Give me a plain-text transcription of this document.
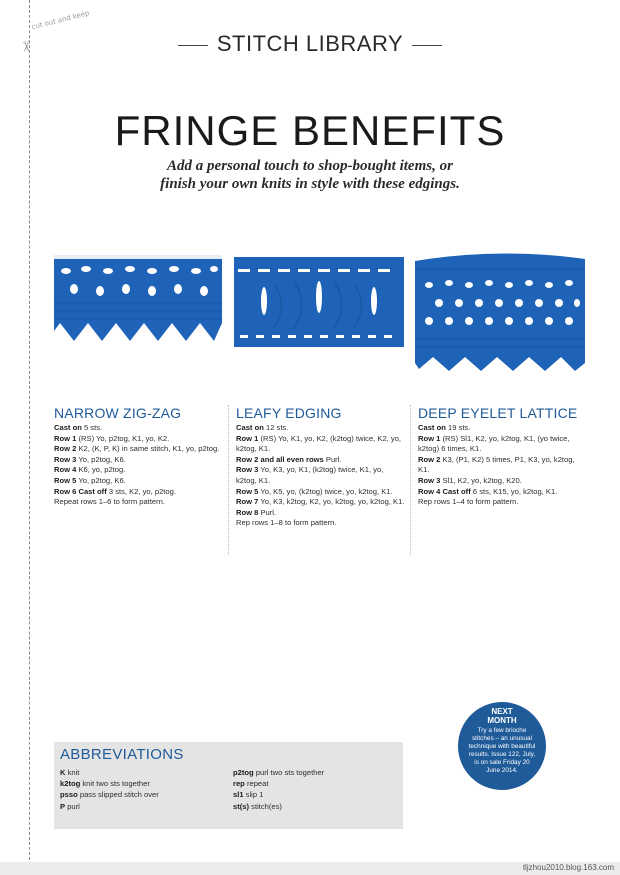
cut out and keep
✂	STITCH LIBRARY
FRINGE BENEFITS
Add a personal touch to shop-bought items, or
finish your own knits in style with these edgings.
NARROW ZIG-ZAG

Cast on 5 sts.

Row 1 (RS) Yo, p2tog, K1, yo, K2.

Row 2 K2, (K, P, K) in same stitch, K1, yo, p2tog.

Row 3 Yo, p2tog, K6.

Row 4 K6, yo, p2tog.

Row 5 Yo, p2tog, K6.

Row 6 Cast off 3 sts, K2, yo, p2tog.

Repeat rows 1–6 to form pattern.

LEAFY EDGING

Cast on 12 sts.

Row 1 (RS) Yo, K1, yo, K2, (k2tog) twice, K2, yo, k2tog, K1.

Row 2 and all even rows Purl.

Row 3 Yo, K3, yo, K1, (k2tog) twice, K1, yo, k2tog, K1.

Row 5 Yo, K5, yo, (k2tog) twice, yo, k2tog, K1.

Row 7 Yo, K3, k2tog, K2, yo, k2tog, yo, k2tog, K1.

Row 8 Purl.

Rep rows 1–8 to form pattern.

DEEP EYELET LATTICE

Cast on 19 sts.

Row 1 (RS) Sl1, K2, yo, k2tog, K1, (yo twice, k2tog) 6 times, K1.

Row 2 K3, (P1, K2) 5 times, P1, K3, yo, k2tog, K1.

Row 3 Sl1, K2, yo, k2tog, K20.

Row 4 Cast off 6 sts, K15, yo, k2tog, K1.

Rep rows 1–4 to form pattern.

NEXT
MONTH
Try a few brioche stitches – an unusual technique with beautiful results. Issue 122, July, is on sale Friday 20 June 2014.
ABBREVIATIONS
K knit
k2tog knit two sts together
psso pass slipped stitch over
P purl
p2tog purl two sts together
rep repeat
sl1 slip 1
st(s) stitch(es)
tljzhou2010.blog.163.com
